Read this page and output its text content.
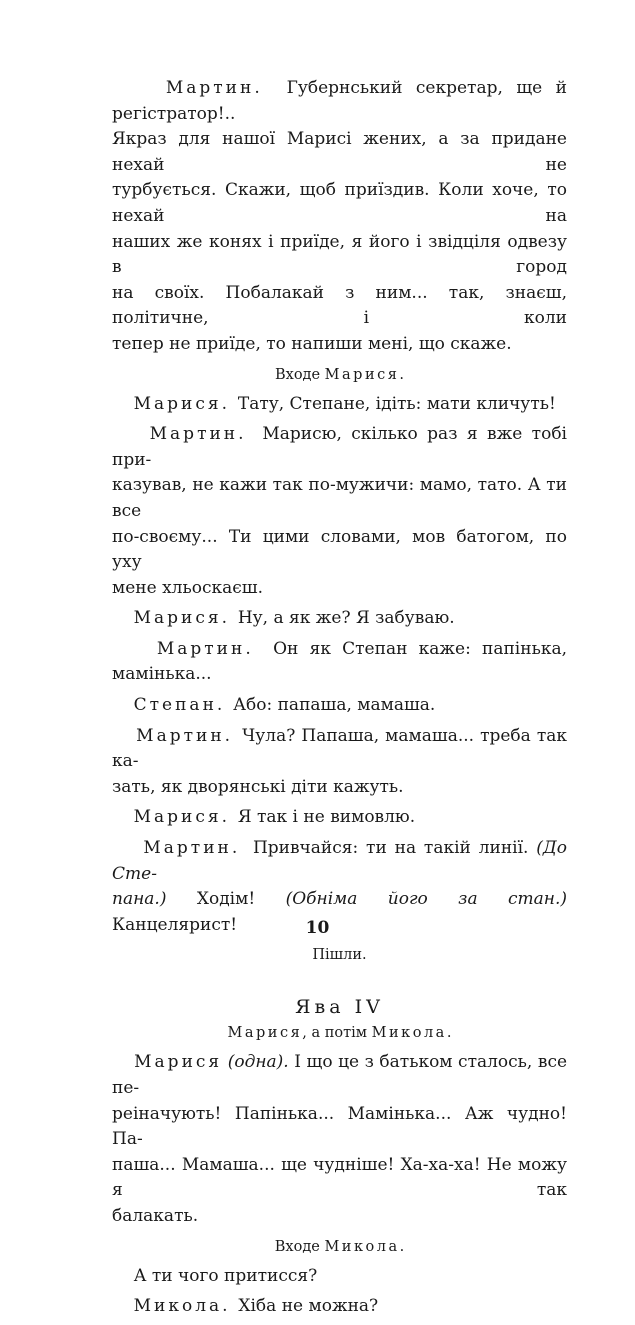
Мартин.  Губернський секретар, ще й регістратор!..
Якраз для нашої Марисі жених, а за придане нехай не
турбується. Скажи, щоб приїздив. Коли хоче, то нехай на
наших же конях і приїде, я його і звідціля одвезу в город
на своїх. Побалакай з ним... так, знаєш, політичне, і коли
тепер не приїде, то напиши мені, що скаже.
Входе Марися.
Марися.  Тату, Степане, ідіть: мати кличуть!
Мартин.  Марисю, скілько раз я вже тобі при-
казував, не кажи так по-мужичи: мамо, тато. А ти все
по-своєму... Ти цими словами, мов батогом, по уху
мене хльоскаєш.
Марися.  Ну, а як же? Я забуваю.
Мартин.  Он як Степан каже: папінька, мамінька...
Степан.  Або: папаша, мамаша.
Мартин.  Чула? Папаша, мамаша... треба так ка-
зать, як дворянські діти кажуть.
Марися.  Я так і не вимовлю.
Мартин.  Привчайся: ти на такій линії. (До Сте-
пана.) Ходім! (Обніма його за стан.) Канцелярист!
Пішли.
Ява IV
Марися, а потім Микола.
Марися (одна). І що це з батьком сталось, все пе-
реіначують! Папінька... Мамінька... Аж чудно! Па-
паша... Мамаша... ще чудніше! Ха-ха-ха! Не можу я так
балакать.
Входе Микола.
А ти чого притисся?
Микола.  Хіба не можна?
10
